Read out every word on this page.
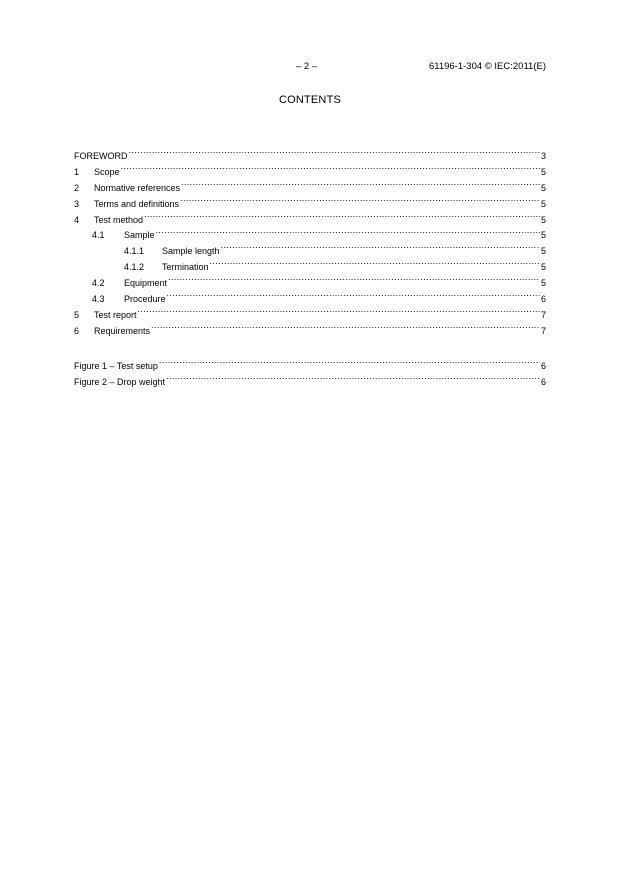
– 2 –	61196-1-304 © IEC:2011(E)
CONTENTS
FOREWORD .....	3
1	Scope .....	5
2	Normative references .....	5
3	Terms and definitions .....	5
4	Test method .....	5
4.1	Sample .....	5
4.1.1	Sample length .....	5
4.1.2	Termination .....	5
4.2	Equipment .....	5
4.3	Procedure .....	6
5	Test report .....	7
6	Requirements .....	7
Figure 1 – Test setup .....	6
Figure 2 – Drop weight .....	6
